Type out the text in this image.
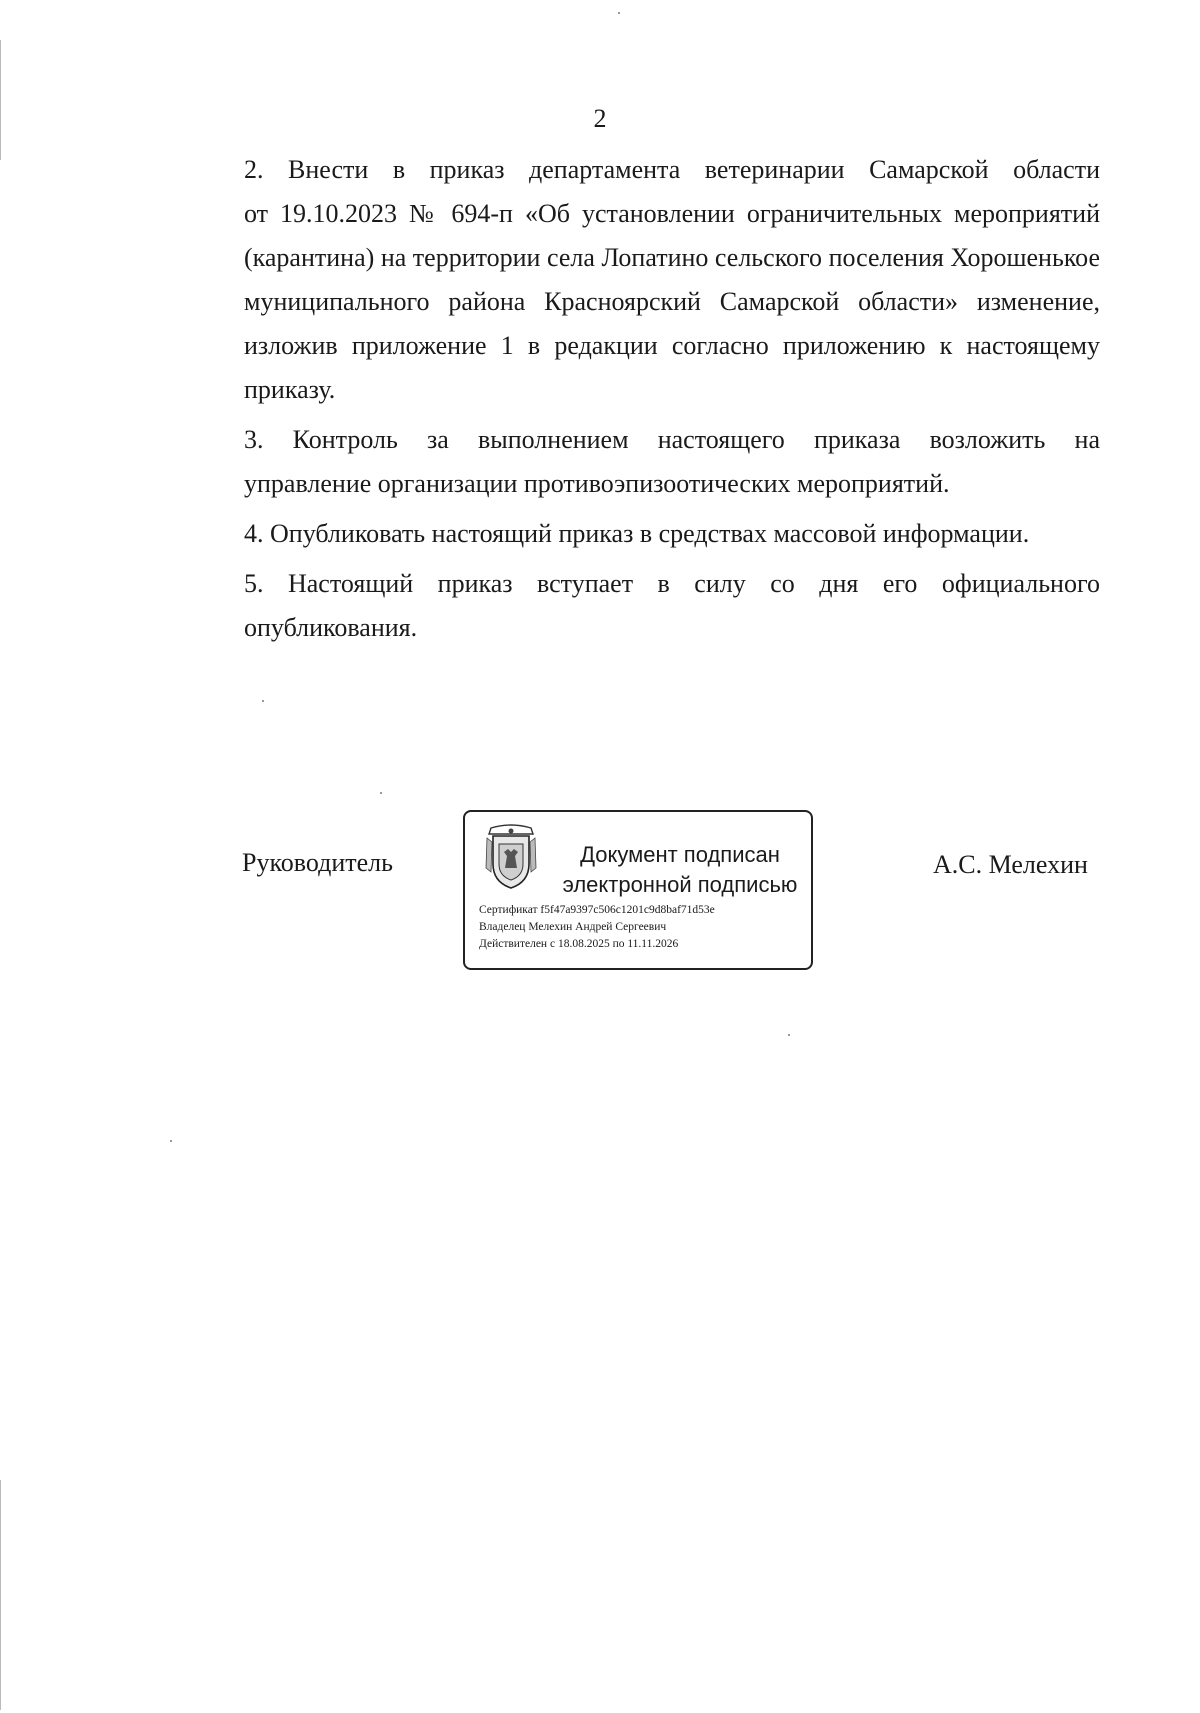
2
2. Внести в приказ департамента ветеринарии Самарской области
от 19.10.2023 № 694-п «Об установлении ограничительных мероприятий
(карантина) на территории села Лопатино сельского поселения Хорошенькое
муниципального района Красноярский Самарской области» изменение,
изложив приложение 1 в редакции согласно приложению к настоящему
приказу.
3. Контроль за выполнением настоящего приказа возложить на
управление организации противоэпизоотических мероприятий.
4. Опубликовать настоящий приказ в средствах массовой информации.
5. Настоящий приказ вступает в силу со дня его официального
опубликования.
Руководитель	Документ подписан
электронной подписью
Сертификат f5f47a9397c506c1201c9d8baf71d53e
Владелец Мелехин Андрей Сергеевич
Действителен с 18.08.2025 по 11.11.2026
А.С. Мелехин
